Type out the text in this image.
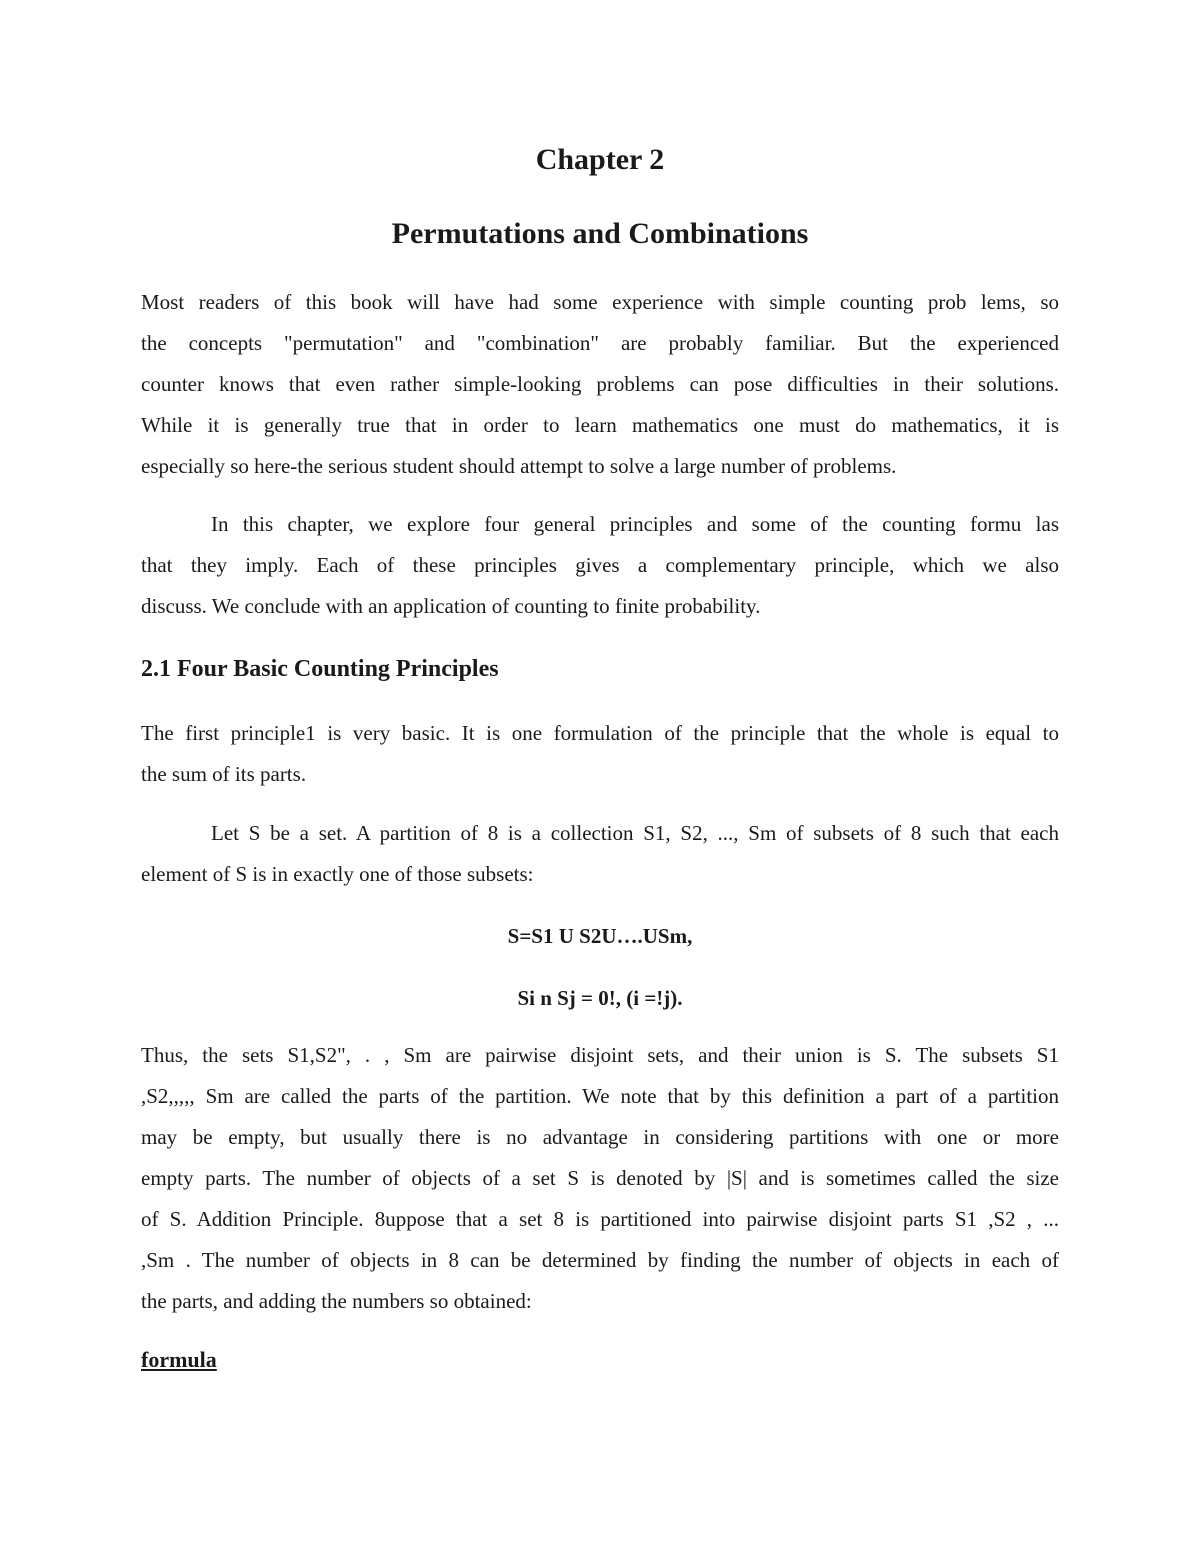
Chapter 2
Permutations and Combinations
Most readers of this book will have had some experience with simple counting prob lems, so
the concepts "permutation" and "combination" are probably familiar. But the experienced
counter knows that even rather simple-looking problems can pose difficulties in their solutions.
While it is generally true that in order to learn mathematics one must do mathematics, it is
especially so here-the serious student should attempt to solve a large number of problems.
In this chapter, we explore four general principles and some of the counting formu las
that they imply. Each of these principles gives a complementary principle, which we also
discuss. We conclude with an application of counting to finite probability.
2.1 Four Basic Counting Principles
The first principle1 is very basic. It is one formulation of the principle that the whole is equal to
the sum of its parts.
Let S be a set. A partition of 8 is a collection S1, S2, ..., Sm of subsets of 8 such that each
element of S is in exactly one of those subsets:
S=S1 U S2U….USm,
Si n Sj = 0!, (i =!j).
Thus, the sets S1,S2", . , Sm are pairwise disjoint sets, and their union is S. The subsets S1
,S2,,,,, Sm are called the parts of the partition. We note that by this definition a part of a partition
may be empty, but usually there is no advantage in considering partitions with one or more
empty parts. The number of objects of a set S is denoted by |S| and is sometimes called the size
of S. Addition Principle. 8uppose that a set 8 is partitioned into pairwise disjoint parts S1 ,S2 , ...
,Sm . The number of objects in 8 can be determined by finding the number of objects in each of
the parts, and adding the numbers so obtained:
formula
